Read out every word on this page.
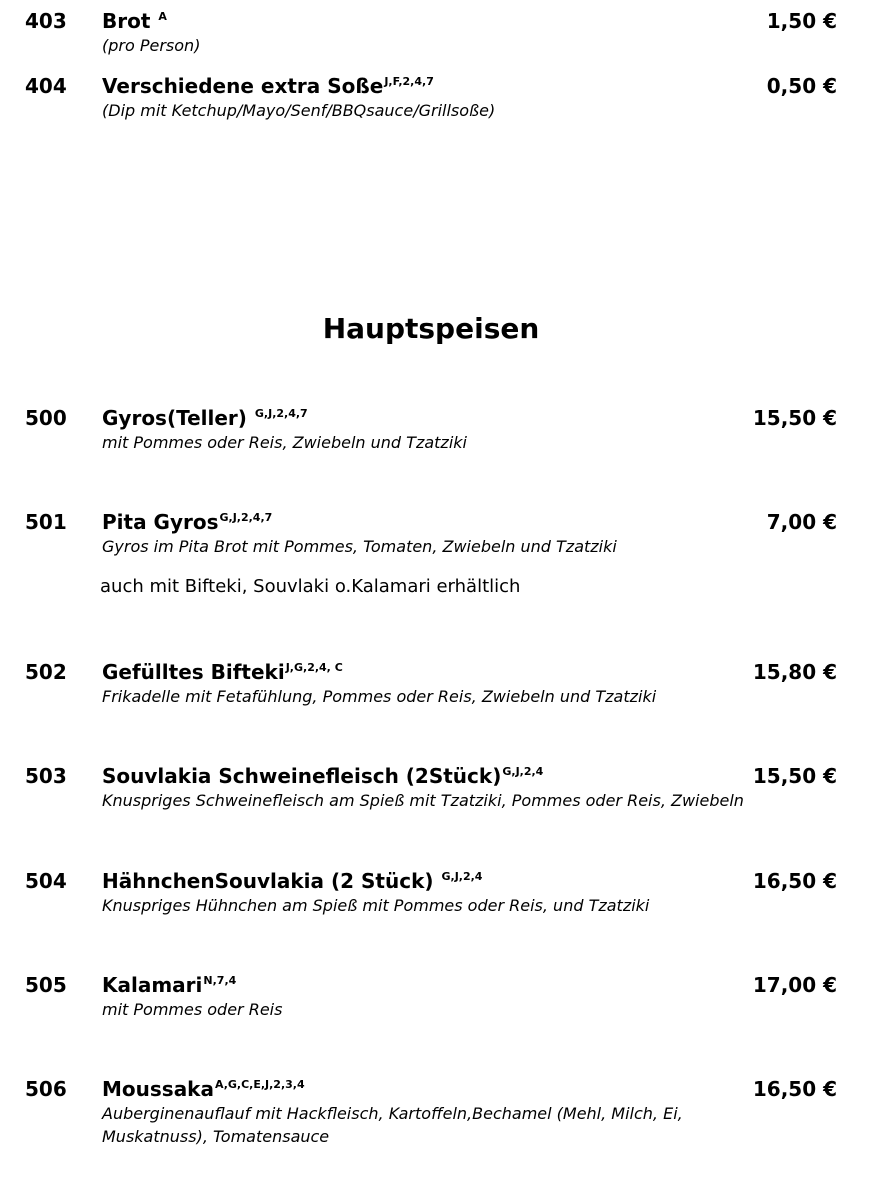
403 Brot $^A$	1,50 €
(pro Person)
404 Verschiedene extra Soße$^{J,F,2,4,7}$	0,50 €
(Dip mit Ketchup/Mayo/Senf/BBQsauce/Grillsoße)
Hauptspeisen
500 Gyros(Teller) $^{G,J,2,4,7}$	15,50 €
mit Pommes oder Reis, Zwiebeln und Tzatziki
501 Pita Gyros$^{G,J,2,4,7}$	7,00 €
Gyros im Pita Brot mit Pommes, Tomaten, Zwiebeln und Tzatziki
auch mit Bifteki, Souvlaki o.Kalamari erhältlich
502 Gefülltes Bifteki$^{J,G,2,4, C}$	15,80 €
Frikadelle mit Fetafühlung, Pommes oder Reis, Zwiebeln und Tzatziki
503 Souvlakia Schweinefleisch (2Stück)$^{G,J,2,4}$	15,50 €
Knuspriges Schweinefleisch am Spieß mit Tzatziki, Pommes oder Reis, Zwiebeln
504 HähnchenSouvlakia (2 Stück) $^{G,J,2,4}$	16,50 €
Knuspriges Hühnchen am Spieß mit Pommes oder Reis, und Tzatziki
505 Kalamari$^{N,7,4}$	17,00 €
mit Pommes oder Reis
506 Moussaka$^{A,G,C,E,J,2,3,4}$	16,50 €
Auberginenauflauf mit Hackfleisch, Kartoffeln,Bechamel (Mehl, Milch, Ei, Muskatnuss), Tomatensauce
